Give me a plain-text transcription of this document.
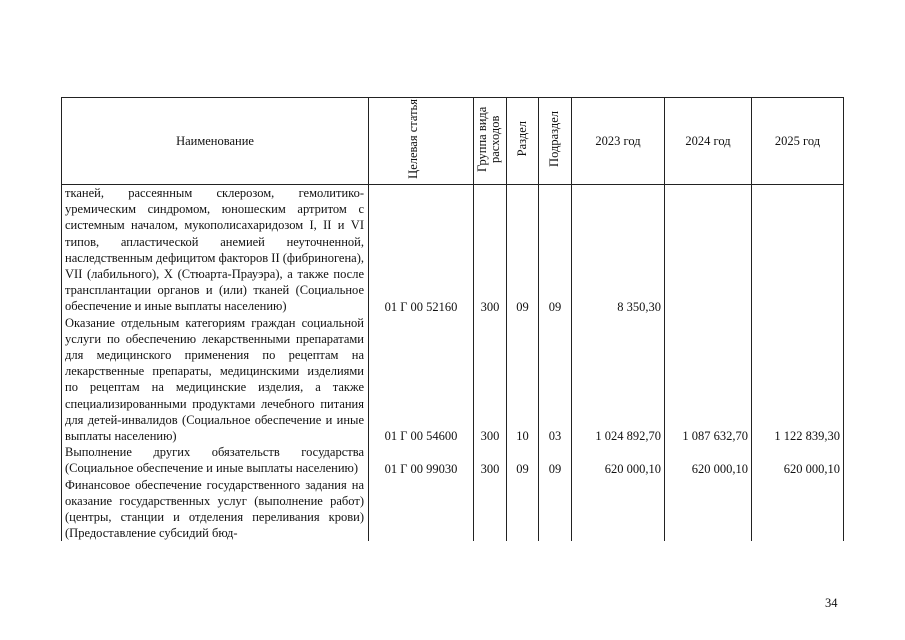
Наименование	Целевая статья	Группа вида расходов	Раздел	Подраздел	2023 год	2024 год	2025 год
тканей, рассеянным склерозом, гемолитико-уремическим синдромом, юношеским артритом с системным началом, мукополисахаридозом I, II и VI типов, апластической анемией неуточненной, наследственным дефицитом факторов II (фибриногена), VII (лабильного), X (Стюарта-Прауэра), а также после трансплантации органов и (или) тканей (Социальное обеспечение и иные выплаты населению)	01 Г 00 52160	300	09	09	8 350,30		
Оказание отдельным категориям граждан социальной услуги по обеспечению лекарственными препаратами для медицинского применения по рецептам на лекарственные препараты, медицинскими изделиями по рецептам на медицинские изделия, а также специализированными продуктами лечебного питания для детей-инвалидов (Социальное обеспечение и иные выплаты населению)	01 Г 00 54600	300	10	03	1 024 892,70	1 087 632,70	1 122 839,30
Выполнение других обязательств государства (Социальное обеспечение и иные выплаты населению)	01 Г 00 99030	300	09	09	620 000,10	620 000,10	620 000,10
Финансовое обеспечение государственного задания на оказание государственных услуг (выполнение работ) (центры, станции и отделения переливания крови) (Предоставление субсидий бюд-							
34
